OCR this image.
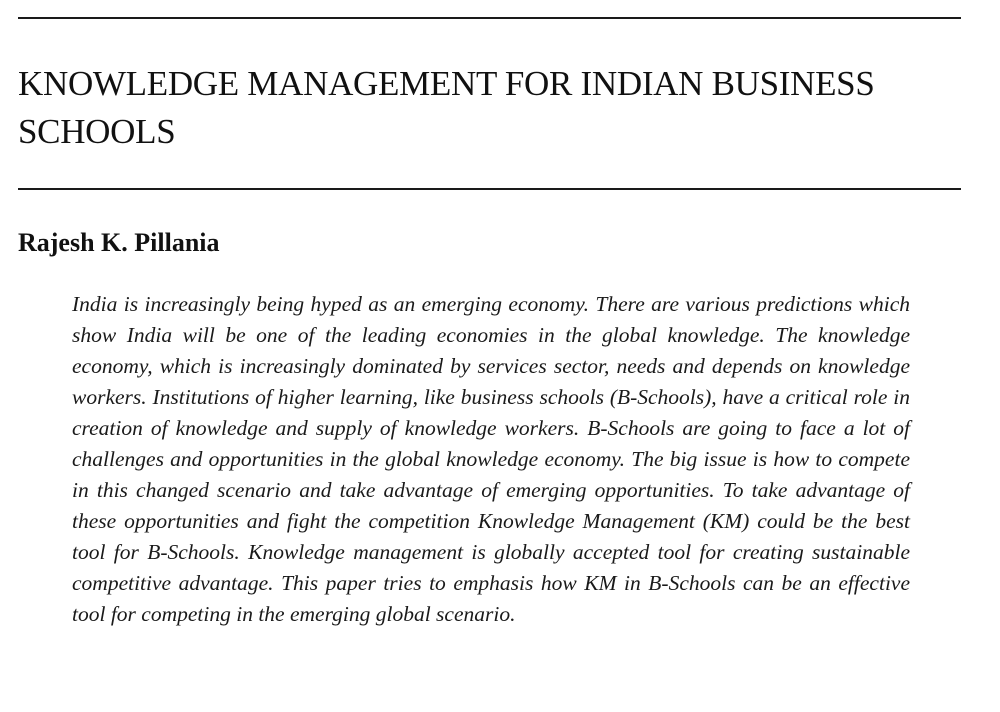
KNOWLEDGE MANAGEMENT FOR INDIAN BUSINESS SCHOOLS
Rajesh K. Pillania

India is increasingly being hyped as an emerging economy. There are various predictions which show India will be one of the leading economies in the global knowledge. The knowledge economy, which is increasingly dominated by services sector, needs and depends on knowledge workers. Institutions of higher learning, like business schools (B-Schools), have a critical role in creation of knowledge and supply of knowledge workers. B-Schools are going to face a lot of challenges and opportunities in the global knowledge economy. The big issue is how to compete in this changed scenario and take advantage of emerging opportunities. To take advantage of these opportunities and fight the competition Knowledge Management (KM) could be the best tool for B-Schools. Knowledge management is globally accepted tool for creating sustainable competitive advantage. This paper tries to emphasis how KM in B-Schools can be an effective tool for competing in the emerging global scenario.
